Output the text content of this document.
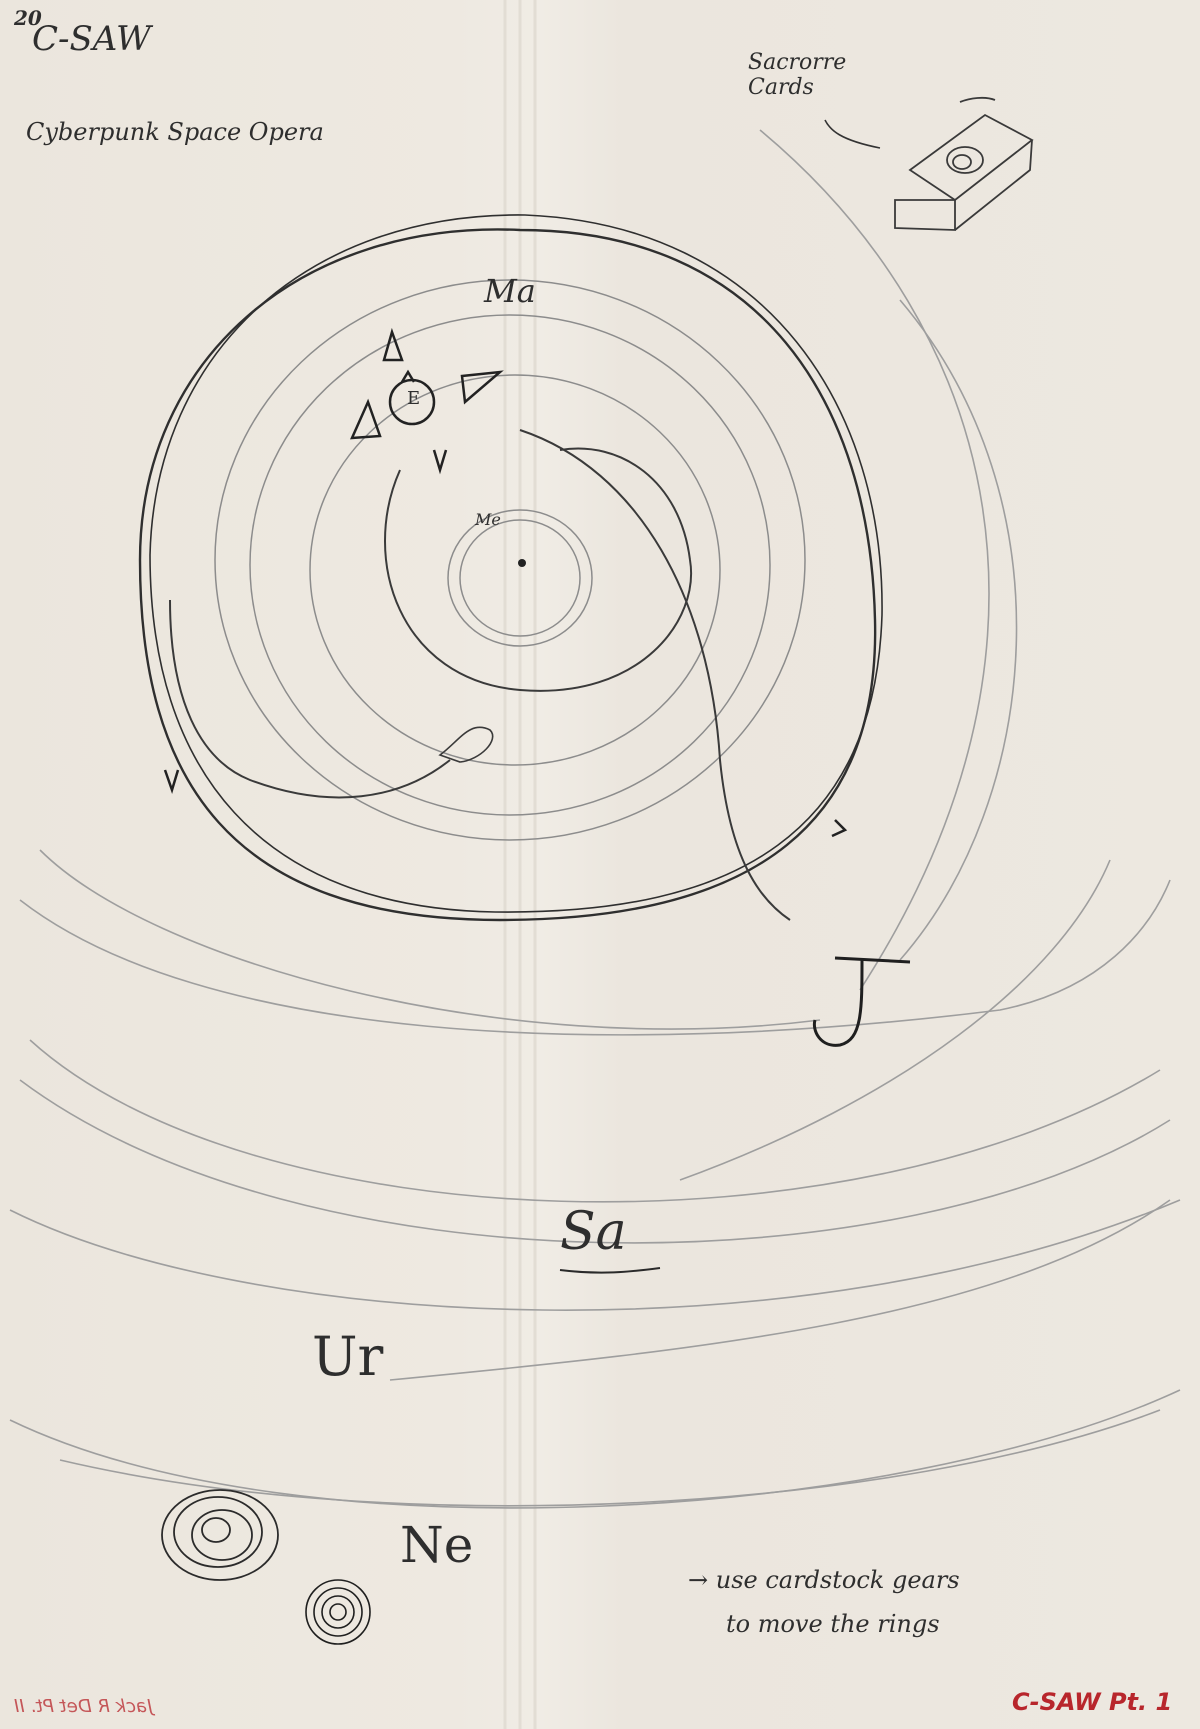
20
C-SAW
Cyberpunk Space Opera
Sacrorre
Cards
Ma
E
Me
Sa
Ur
Ne
→ use cardstock gears
to move the rings
C-SAW Pt. 1
Jack R Det Pt. II
